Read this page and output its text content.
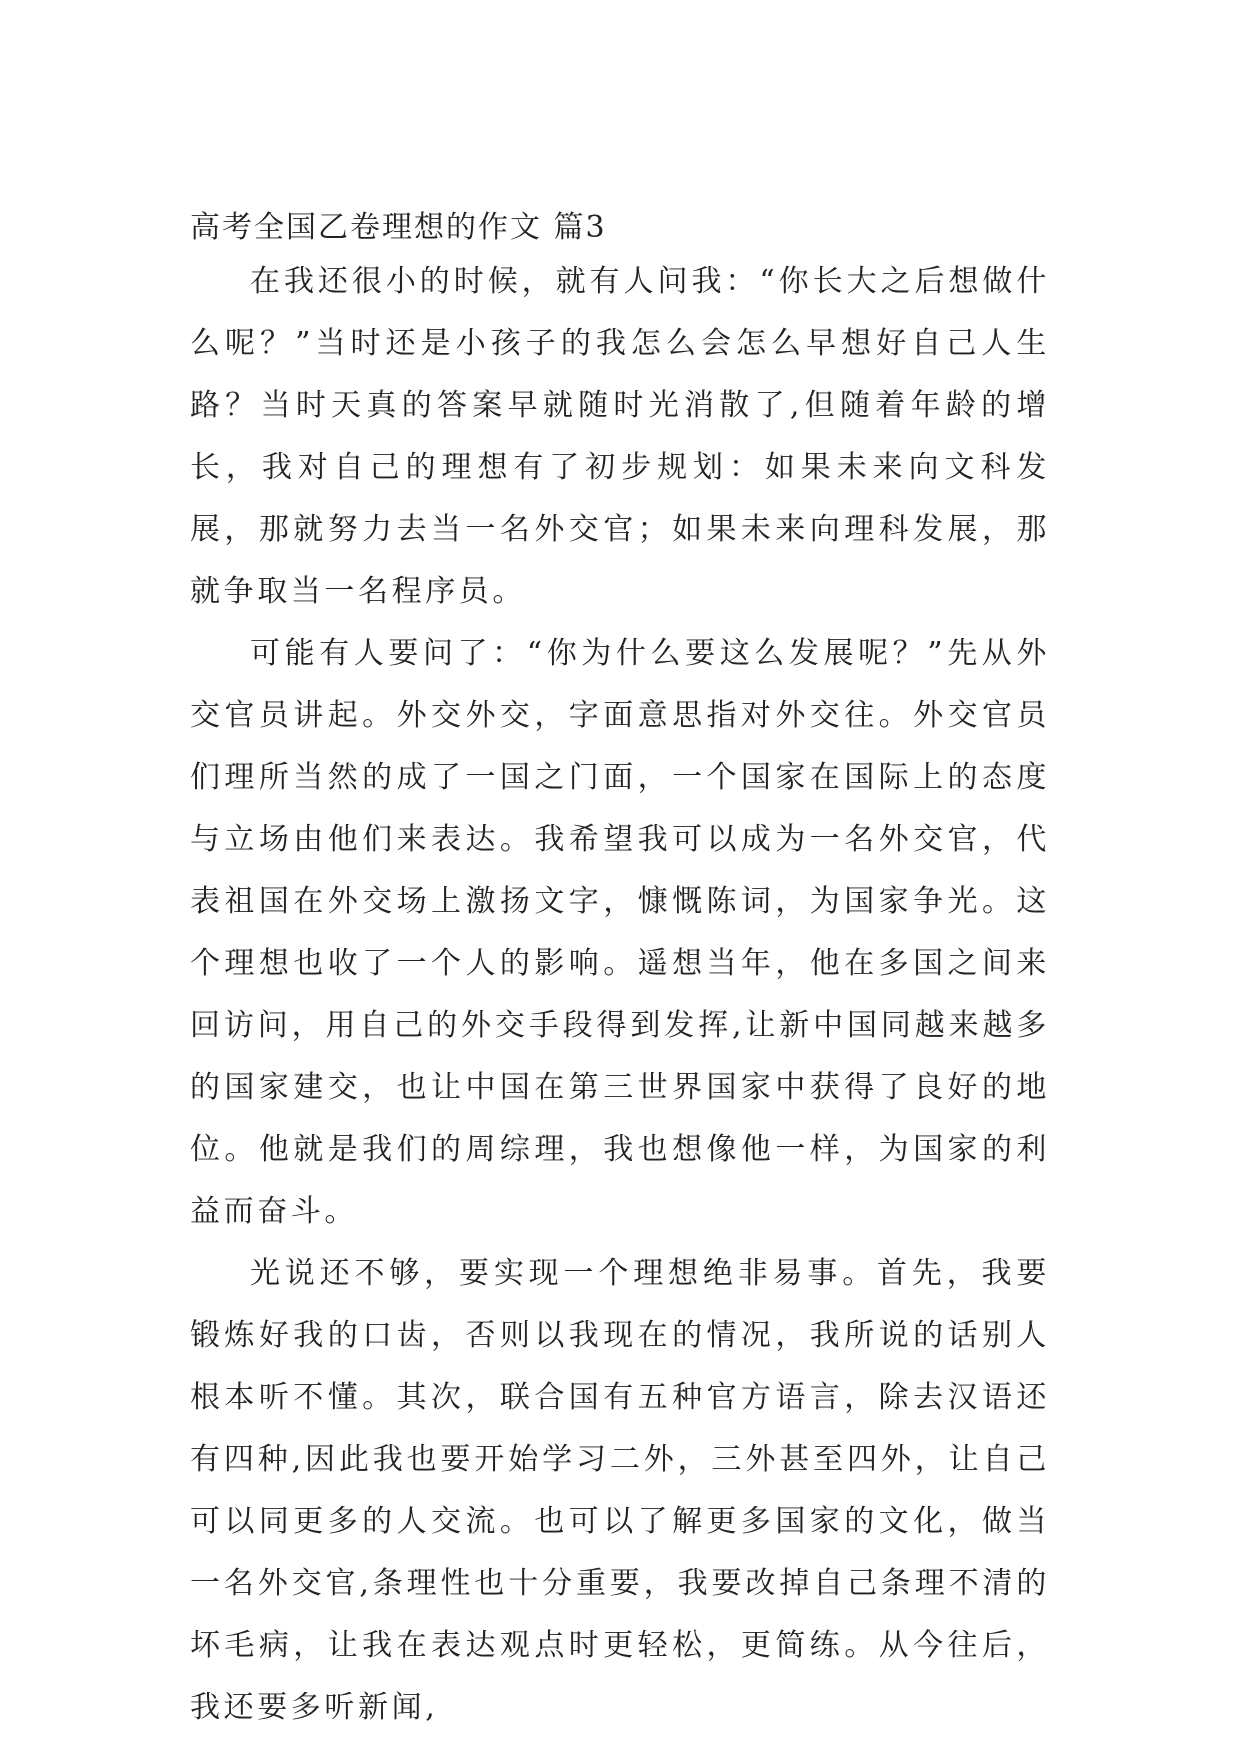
高考全国乙卷理想的作文 篇3

在我还很小的时候，就有人问我：“你长大之后想做什么呢？”当时还是小孩子的我怎么会怎么早想好自己人生路？当时天真的答案早就随时光消散了,但随着年龄的增长，我对自己的理想有了初步规划：如果未来向文科发展，那就努力去当一名外交官；如果未来向理科发展，那就争取当一名程序员。

可能有人要问了：“你为什么要这么发展呢？”先从外交官员讲起。外交外交，字面意思指对外交往。外交官员们理所当然的成了一国之门面，一个国家在国际上的态度与立场由他们来表达。我希望我可以成为一名外交官，代表祖国在外交场上激扬文字，慷慨陈词，为国家争光。这个理想也收了一个人的影响。遥想当年，他在多国之间来回访问，用自己的外交手段得到发挥,让新中国同越来越多的国家建交，也让中国在第三世界国家中获得了良好的地位。他就是我们的周综理，我也想像他一样，为国家的利益而奋斗。

光说还不够，要实现一个理想绝非易事。首先，我要锻炼好我的口齿，否则以我现在的情况，我所说的话别人根本听不懂。其次，联合国有五种官方语言，除去汉语还有四种,因此我也要开始学习二外，三外甚至四外，让自己可以同更多的人交流。也可以了解更多国家的文化，做当一名外交官,条理性也十分重要，我要改掉自己条理不清的坏毛病，让我在表达观点时更轻松，更简练。从今往后，我还要多听新闻,
